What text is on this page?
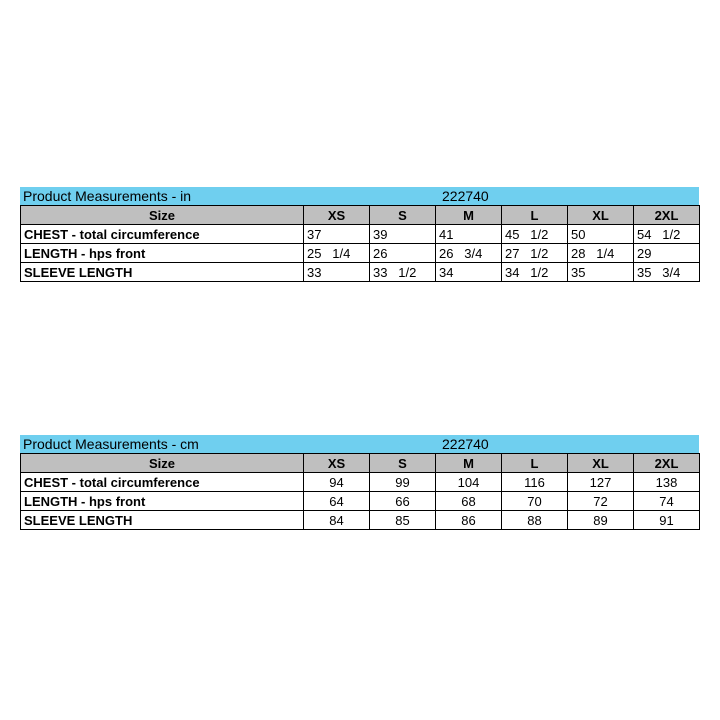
Product Measurements - in	222740
Size	XS	S	M	L	XL	2XL
CHEST - total circumference	37	39	41	45   1/2	50	54   1/2
LENGTH - hps front	25   1/4	26	26   3/4	27   1/2	28   1/4	29
SLEEVE LENGTH	33	33   1/2	34	34   1/2	35	35   3/4
Product Measurements - cm	222740
Size	XS	S	M	L	XL	2XL
CHEST - total circumference	94	99	104	116	127	138
LENGTH - hps front	64	66	68	70	72	74
SLEEVE LENGTH	84	85	86	88	89	91
